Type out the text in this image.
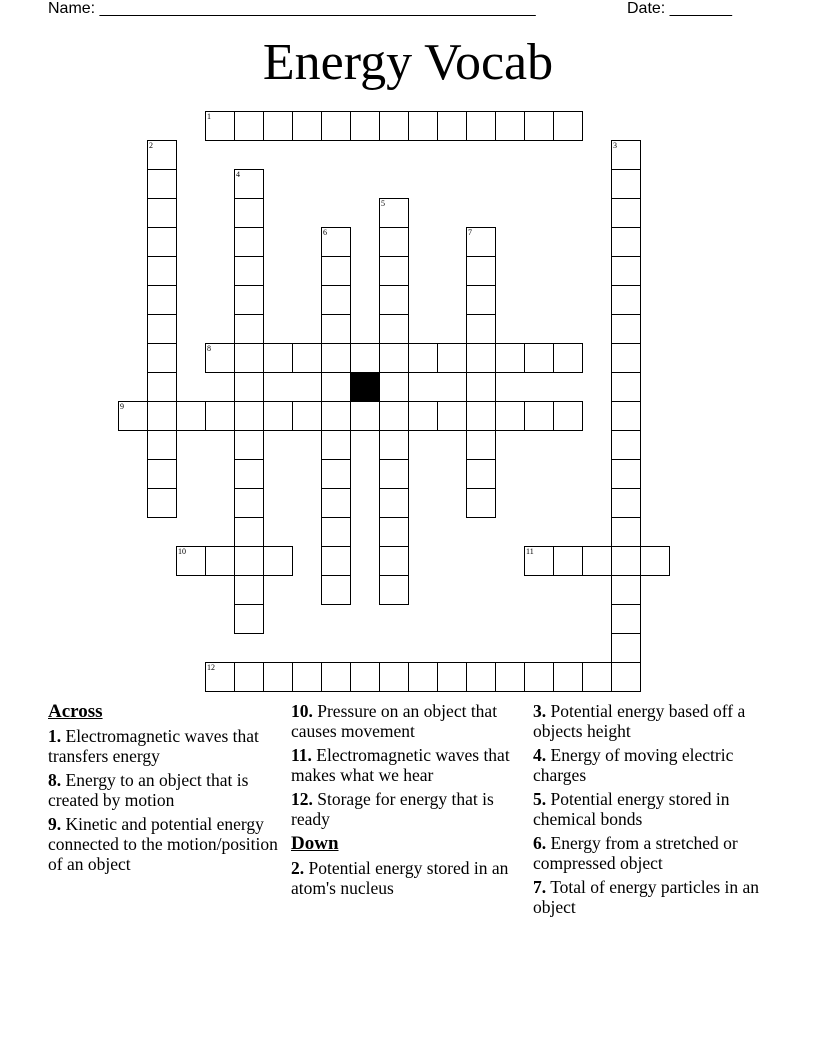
Name: _________________________________________________	Date: _______
Energy Vocab
1
2	3
4
5
6	7
8
9
10	11
12
Across
1. Electromagnetic waves that transfers energy
8. Energy to an object that is created by motion
9. Kinetic and potential energy connected to the motion/position of an object
10. Pressure on an object that causes movement
11. Electromagnetic waves that makes what we hear
12. Storage for energy that is ready
Down
2. Potential energy stored in an atom's nucleus
3. Potential energy based off a objects height
4. Energy of moving electric charges
5. Potential energy stored in chemical bonds
6. Energy from a stretched or compressed object
7. Total of energy particles in an object
